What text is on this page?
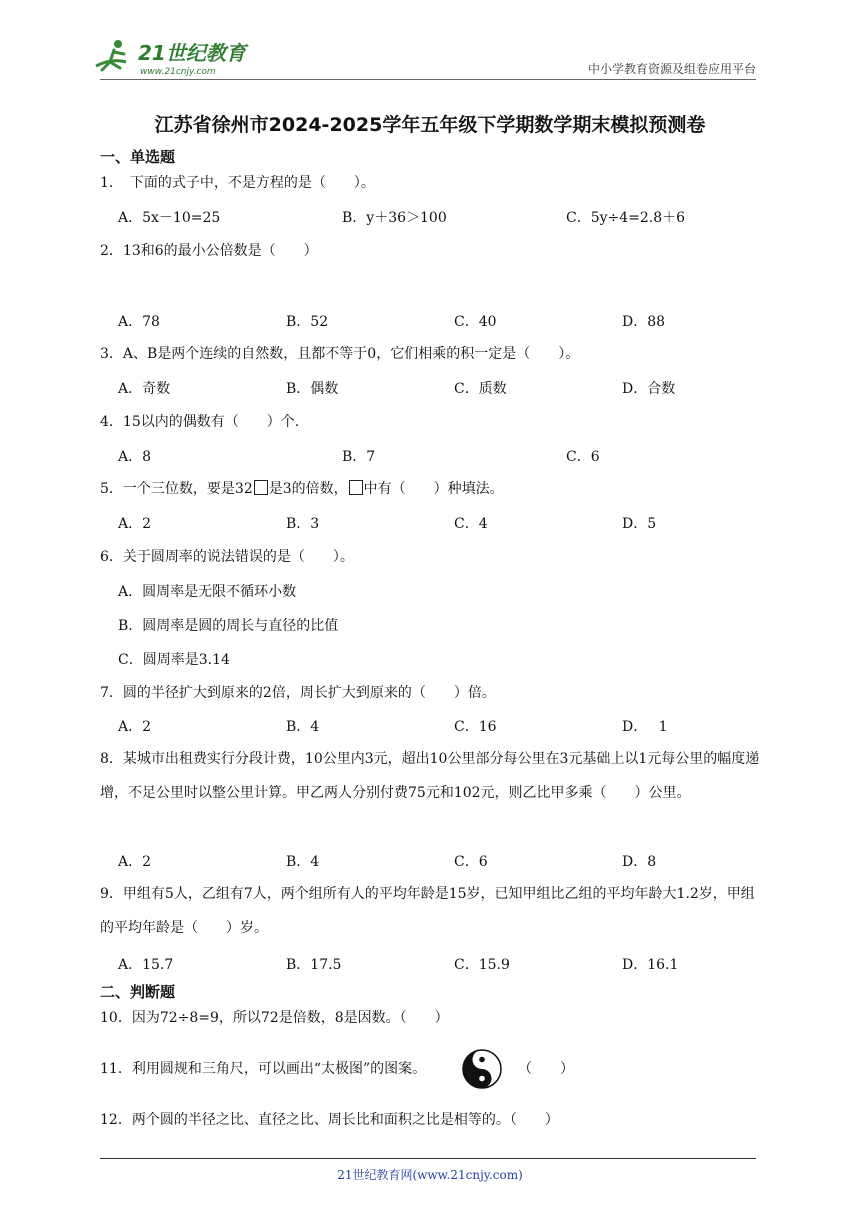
21世纪教育
www.21cnjy.com	中小学教育资源及组卷应用平台
江苏省徐州市2024-2025学年五年级下学期数学期末模拟预测卷
一、单选题
1．　下面的式子中，不是方程的是（　　）。
A．5x－10=25	B．y＋36＞100	C．5y÷4=2.8＋6
2．13和6的最小公倍数是（　　）
A．78	B．52	C．40	D．88
3．A、B是两个连续的自然数，且都不等于0，它们相乘的积一定是（　　）。
A．奇数	B．偶数	C．质数	D．合数
4．15以内的偶数有（　　）个.
A．8	B．7	C．6
5．一个三位数，要是32 是3的倍数， 中有（　　）种填法。
A．2	B．3	C．4	D．5
6．关于圆周率的说法错误的是（　　）。
A．圆周率是无限不循环小数
B．圆周率是圆的周长与直径的比值
C．圆周率是3.14
7．圆的半径扩大到原来的2倍，周长扩大到原来的（　　）倍。
A．2	B．4	C．16	D．　 1
8．某城市出租费实行分段计费，10公里内3元，超出10公里部分每公里在3元基础上以1元每公里的幅度递增，不足公里时以整公里计算。甲乙两人分别付费75元和102元，则乙比甲多乘（　　）公里。
A．2	B．4	C．6	D．8
9．甲组有5人，乙组有7人，两个组所有人的平均年龄是15岁，已知甲组比乙组的平均年龄大1.2岁，甲组的平均年龄是（　　）岁。
A．15.7	B．17.5	C．15.9	D．16.1
二、判断题
10．因为72÷8=9，所以72是倍数，8是因数。（　　）
11．利用圆规和三角尺，可以画出“太极图”的图案。	（　　）
12．两个圆的半径之比、直径之比、周长比和面积之比是相等的。（　　）
21世纪教育网(www.21cnjy.com)
